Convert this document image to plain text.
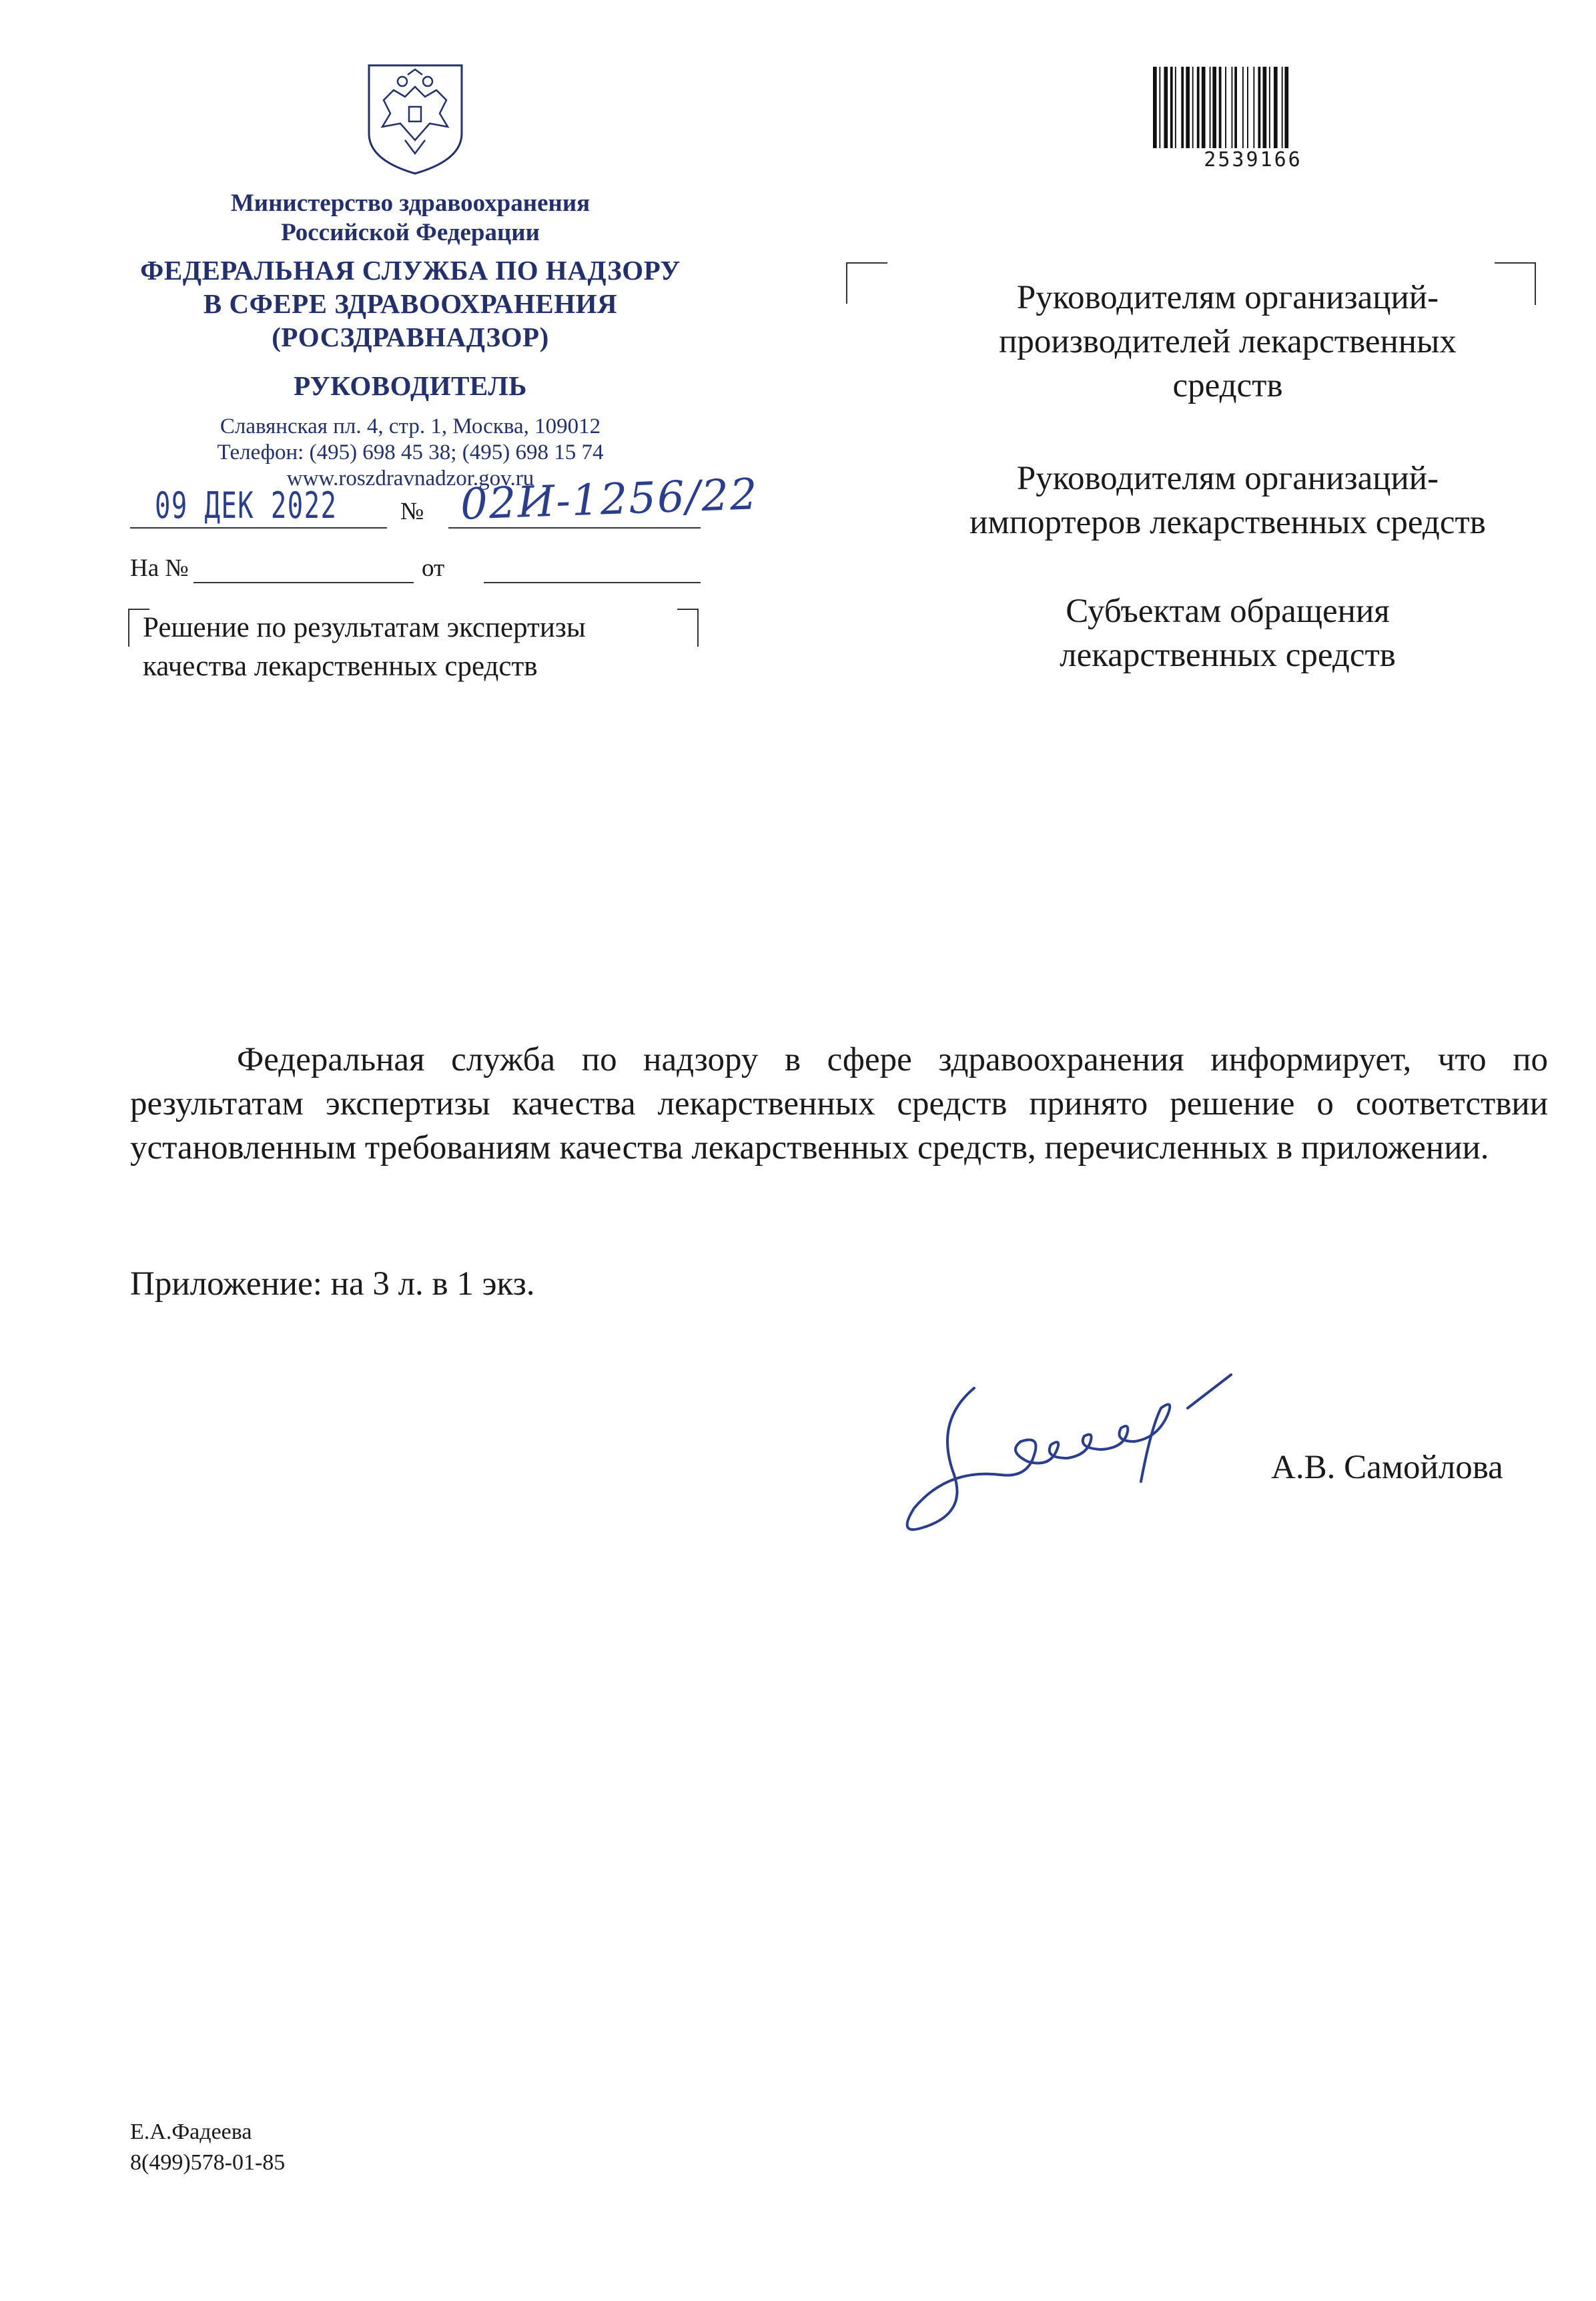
2539166
Министерство здравоохранения
Российской Федерации
ФЕДЕРАЛЬНАЯ СЛУЖБА ПО НАДЗОРУ
В СФЕРЕ ЗДРАВООХРАНЕНИЯ
(РОСЗДРАВНАДЗОР)
РУКОВОДИТЕЛЬ
Славянская пл. 4, стр. 1, Москва, 109012
Телефон: (495) 698 45 38; (495) 698 15 74
www.roszdravnadzor.gov.ru
09 ДЕК 2022	№ 02И-1256/22
На №	от
Решение по результатам экспертизы
качества лекарственных средств
Руководителям организаций-
производителей лекарственных
средств
Руководителям организаций-
импортеров лекарственных средств
Субъектам обращения
лекарственных средств
Федеральная служба по надзору в сфере здравоохранения информирует, что по результатам экспертизы качества лекарственных средств принято решение о соответствии установленным требованиям качества лекарственных средств, перечисленных в приложении.
Приложение: на 3 л. в 1 экз.
А.В. Самойлова
Е.А.Фадеева
8(499)578-01-85
